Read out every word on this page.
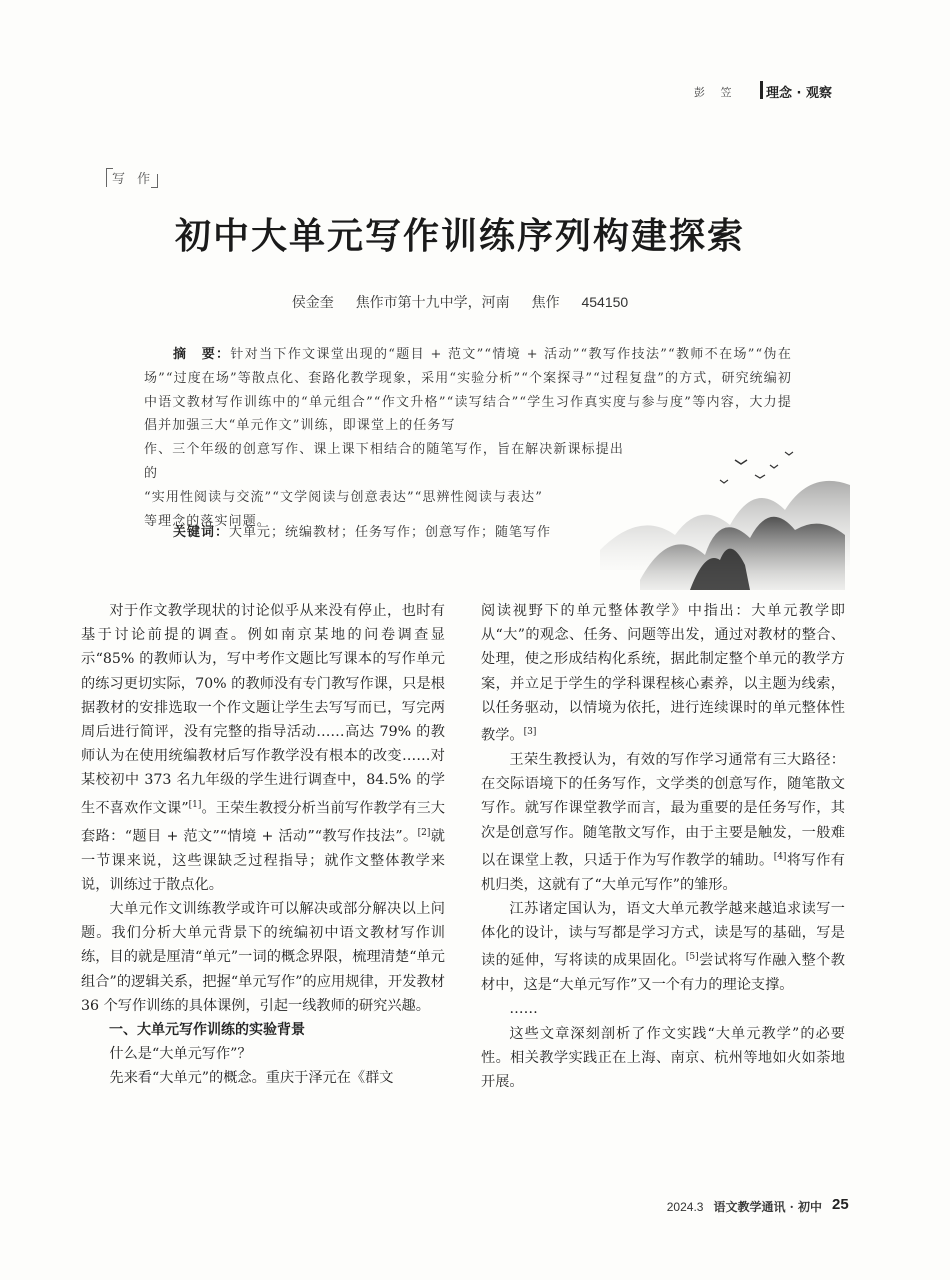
彭 笠 理念 · 观察
写 作
初中大单元写作训练序列构建探索
侯金奎 焦作市第十九中学，河南 焦作 454150
摘　要：针对当下作文课堂出现的“题目 + 范文”“情境 + 活动”“教写作技法”“教师不在场”“伪在场”“过度在场”等散点化、套路化教学现象，采用“实验分析”“个案探寻”“过程复盘”的方式，研究统编初中语文教材写作训练中的“单元组合”“作文升格”“读写结合”“学生习作真实度与参与度”等内容，大力提倡并加强三大“单元作文”训练，即课堂上的任务写
作、三个年级的创意写作、课上课下相结合的随笔写作，旨在解决新课标提出的
“实用性阅读与交流”“文学阅读与创意表达”“思辨性阅读与表达”
等理念的落实问题。
关键词：大单元；统编教材；任务写作；创意写作；随笔写作

对于作文教学现状的讨论似乎从来没有停止，也时有基于讨论前提的调查。例如南京某地的问卷调查显示“85% 的教师认为，写中考作文题比写课本的写作单元的练习更切实际，70% 的教师没有专门教写作课，只是根据教材的安排选取一个作文题让学生去写写而已，写完两周后进行简评，没有完整的指导活动……高达 79% 的教师认为在使用统编教材后写作教学没有根本的改变……对某校初中 373 名九年级的学生进行调查中，84.5% 的学生不喜欢作文课”[1]。王荣生教授分析当前写作教学有三大套路：“题目 + 范文”“情境 + 活动”“教写作技法”。[2]就一节课来说，这些课缺乏过程指导；就作文整体教学来说，训练过于散点化。

大单元作文训练教学或许可以解决或部分解决以上问题。我们分析大单元背景下的统编初中语文教材写作训练，目的就是厘清“单元”一词的概念界限，梳理清楚“单元组合”的逻辑关系，把握“单元写作”的应用规律，开发教材 36 个写作训练的具体课例，引起一线教师的研究兴趣。

一、大单元写作训练的实验背景

什么是“大单元写作”？

先来看“大单元”的概念。重庆于泽元在《群文

阅读视野下的单元整体教学》中指出：大单元教学即从“大”的观念、任务、问题等出发，通过对教材的整合、处理，使之形成结构化系统，据此制定整个单元的教学方案，并立足于学生的学科课程核心素养，以主题为线索，以任务驱动，以情境为依托，进行连续课时的单元整体性教学。[3]

王荣生教授认为，有效的写作学习通常有三大路径：在交际语境下的任务写作，文学类的创意写作，随笔散文写作。就写作课堂教学而言，最为重要的是任务写作，其次是创意写作。随笔散文写作，由于主要是触发，一般难以在课堂上教，只适于作为写作教学的辅助。[4]将写作有机归类，这就有了“大单元写作”的雏形。

江苏诸定国认为，语文大单元教学越来越追求读写一体化的设计，读与写都是学习方式，读是写的基础，写是读的延伸，写将读的成果固化。[5]尝试将写作融入整个教材中，这是“大单元写作”又一个有力的理论支撑。

……

这些文章深刻剖析了作文实践“大单元教学”的必要性。相关教学实践正在上海、南京、杭州等地如火如荼地开展。

2024.3 语文教学通讯 · 初中 25
